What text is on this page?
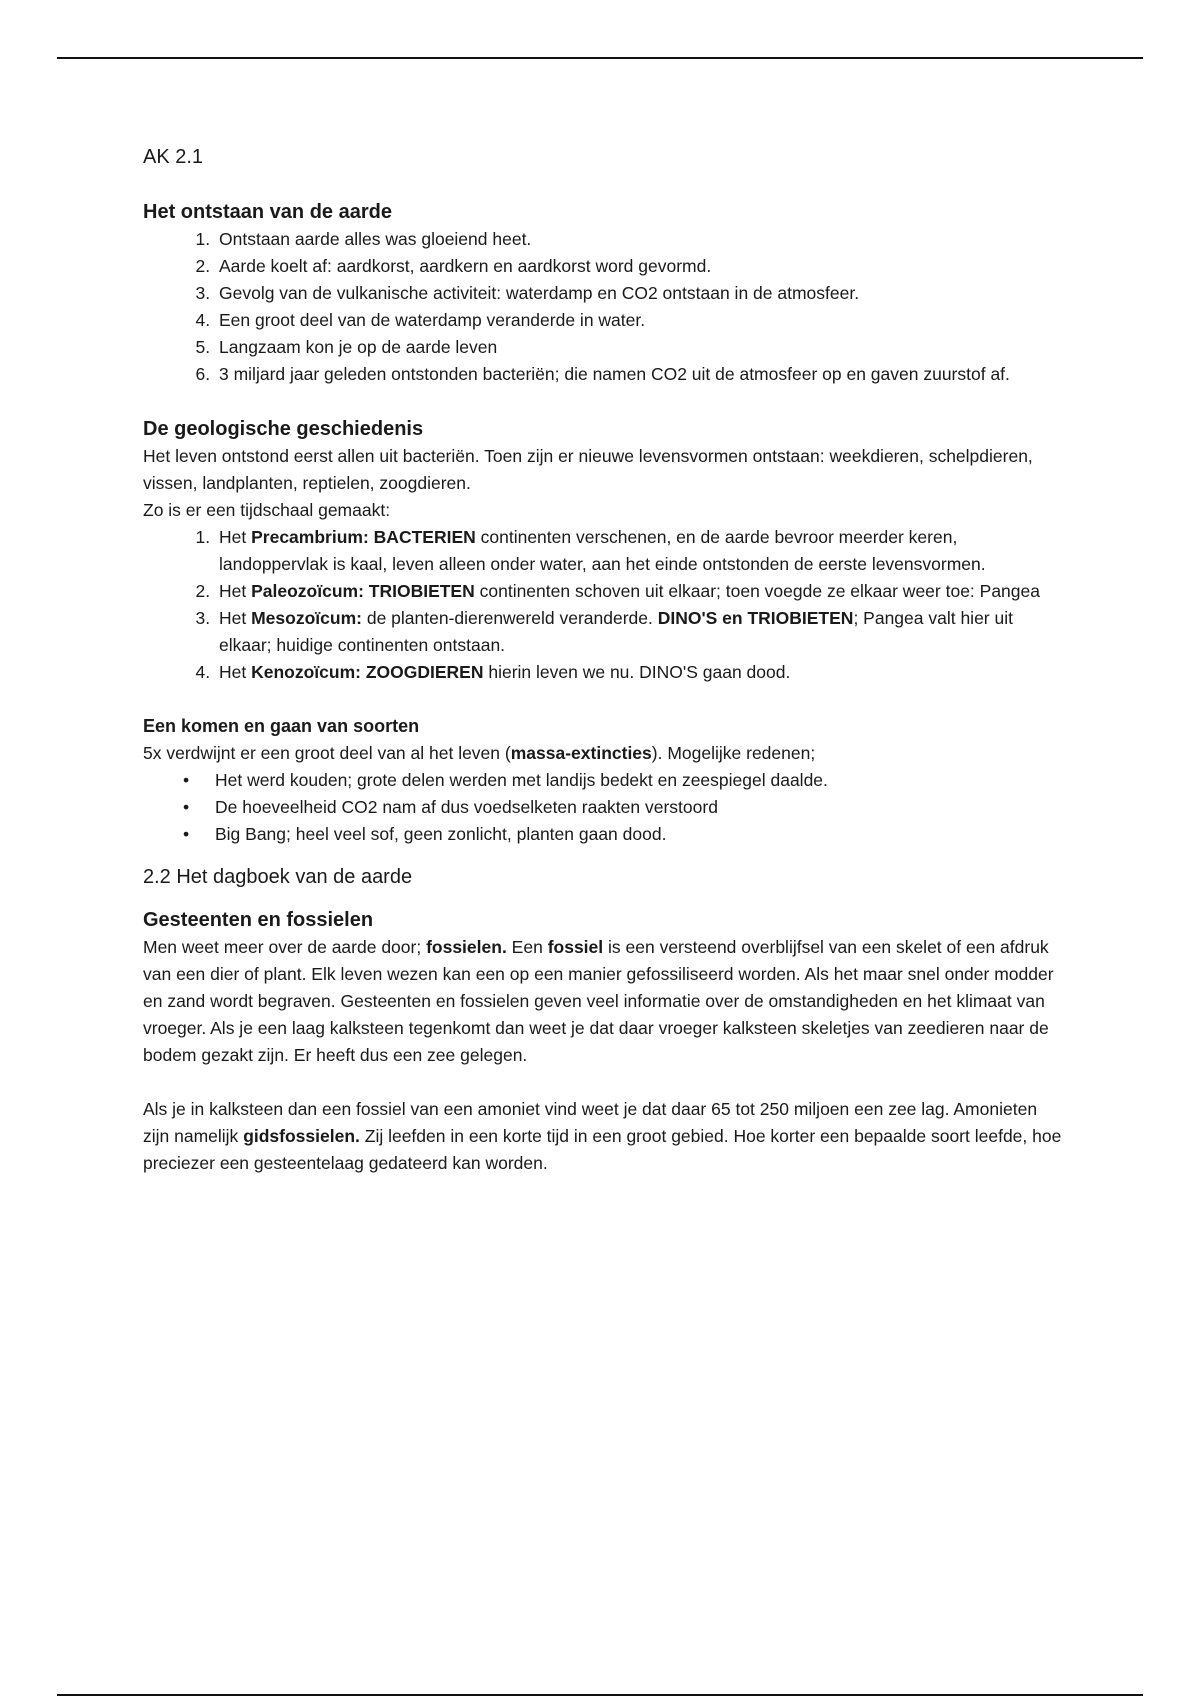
AK 2.1

Het ontstaan van de aarde
1. Ontstaan aarde alles was gloeiend heet.
2. Aarde koelt af: aardkorst, aardkern en aardkorst word gevormd.
3. Gevolg van de vulkanische activiteit: waterdamp en CO2 ontstaan in de atmosfeer.
4. Een groot deel van de waterdamp veranderde in water.
5. Langzaam kon je op de aarde leven
6. 3 miljard jaar geleden ontstonden bacteriën; die namen CO2 uit de atmosfeer op en gaven zuurstof af.
De geologische geschiedenis

Het leven ontstond eerst allen uit bacteriën. Toen zijn er nieuwe levensvormen ontstaan: weekdieren, schelpdieren, vissen, landplanten, reptielen, zoogdieren.

Zo is er een tijdschaal gemaakt:

1. Het Precambrium: BACTERIEN continenten verschenen, en de aarde bevroor meerder keren, landoppervlak is kaal, leven alleen onder water, aan het einde ontstonden de eerste levensvormen.
2. Het Paleozoïcum: TRIOBIETEN continenten schoven uit elkaar; toen voegde ze elkaar weer toe: Pangea
3. Het Mesozoïcum: de planten-dierenwereld veranderde. DINO'S en TRIOBIETEN; Pangea valt hier uit elkaar; huidige continenten ontstaan.
4. Het Kenozoïcum: ZOOGDIEREN hierin leven we nu. DINO'S gaan dood.
Een komen en gaan van soorten

5x verdwijnt er een groot deel van al het leven (massa-extincties). Mogelijke redenen;

• Het werd kouden; grote delen werden met landijs bedekt en zeespiegel daalde.
• De hoeveelheid CO2 nam af dus voedselketen raakten verstoord
• Big Bang; heel veel sof, geen zonlicht, planten gaan dood.

2.2 Het dagboek van de aarde

Gesteenten en fossielen

Men weet meer over de aarde door; fossielen. Een fossiel is een versteend overblijfsel van een skelet of een afdruk van een dier of plant. Elk leven wezen kan een op een manier gefossiliseerd worden. Als het maar snel onder modder en zand wordt begraven. Gesteenten en fossielen geven veel informatie over de omstandigheden en het klimaat van vroeger. Als je een laag kalksteen tegenkomt dan weet je dat daar vroeger kalksteen skeletjes van zeedieren naar de bodem gezakt zijn. Er heeft dus een zee gelegen.

Als je in kalksteen dan een fossiel van een amoniet vind weet je dat daar 65 tot 250 miljoen een zee lag. Amonieten zijn namelijk gidsfossielen. Zij leefden in een korte tijd in een groot gebied. Hoe korter een bepaalde soort leefde, hoe preciezer een gesteentelaag gedateerd kan worden.
